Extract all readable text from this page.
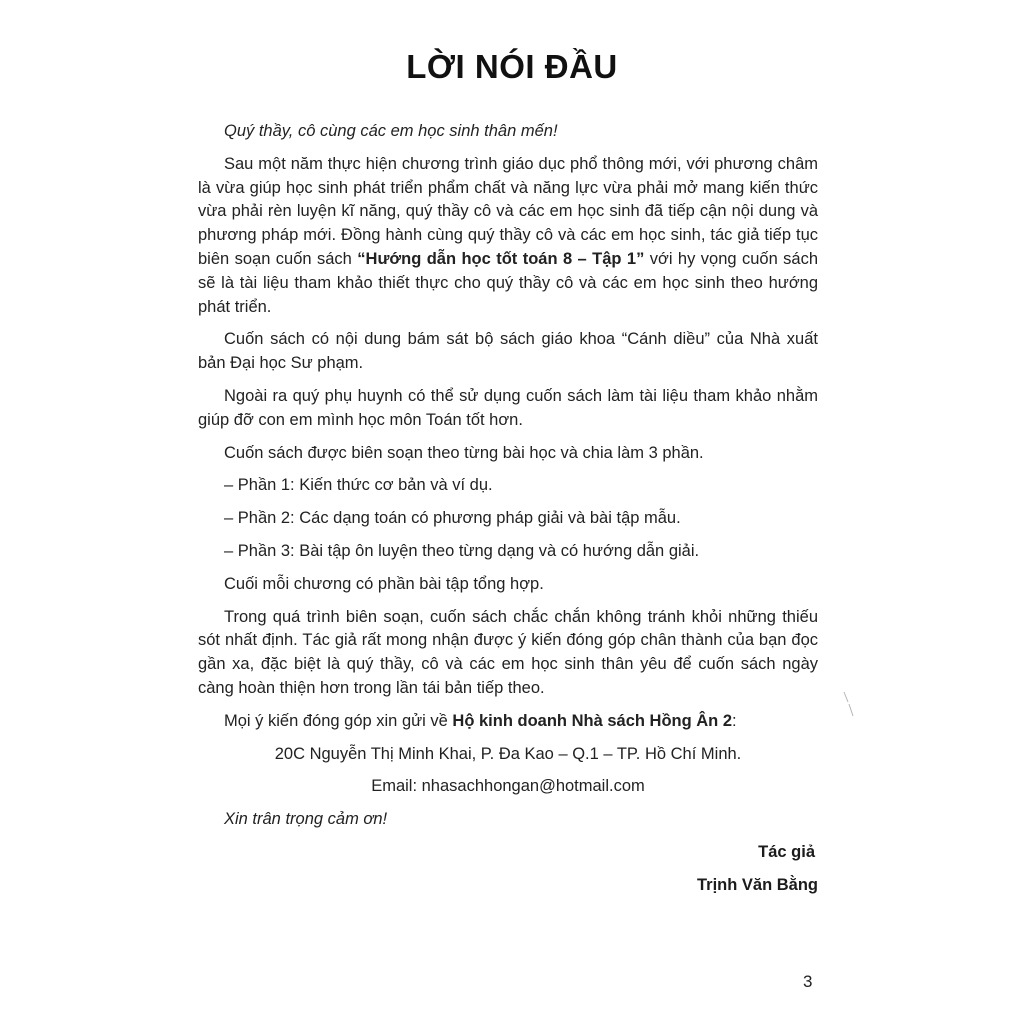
LỜI NÓI ĐẦU

Quý thầy, cô cùng các em học sinh thân mến!

Sau một năm thực hiện chương trình giáo dục phổ thông mới, với phương châm là vừa giúp học sinh phát triển phẩm chất và năng lực vừa phải mở mang kiến thức vừa phải rèn luyện kĩ năng, quý thầy cô và các em học sinh đã tiếp cận nội dung và phương pháp mới. Đồng hành cùng quý thầy cô và các em học sinh, tác giả tiếp tục biên soạn cuốn sách “Hướng dẫn học tốt toán 8 – Tập 1” với hy vọng cuốn sách sẽ là tài liệu tham khảo thiết thực cho quý thầy cô và các em học sinh theo hướng phát triển.

Cuốn sách có nội dung bám sát bộ sách giáo khoa “Cánh diều” của Nhà xuất bản Đại học Sư phạm.

Ngoài ra quý phụ huynh có thể sử dụng cuốn sách làm tài liệu tham khảo nhằm giúp đỡ con em mình học môn Toán tốt hơn.

Cuốn sách được biên soạn theo từng bài học và chia làm 3 phần.

– Phần 1: Kiến thức cơ bản và ví dụ.

– Phần 2: Các dạng toán có phương pháp giải và bài tập mẫu.

– Phần 3: Bài tập ôn luyện theo từng dạng và có hướng dẫn giải.

Cuối mỗi chương có phần bài tập tổng hợp.

Trong quá trình biên soạn, cuốn sách chắc chắn không tránh khỏi những thiếu sót nhất định. Tác giả rất mong nhận được ý kiến đóng góp chân thành của bạn đọc gần xa, đặc biệt là quý thầy, cô và các em học sinh thân yêu để cuốn sách ngày càng hoàn thiện hơn trong lần tái bản tiếp theo.

Mọi ý kiến đóng góp xin gửi về Hộ kinh doanh Nhà sách Hồng Ân 2:

20C Nguyễn Thị Minh Khai, P. Đa Kao – Q.1 – TP. Hồ Chí Minh.

Email: nhasachhongan@hotmail.com

Xin trân trọng cảm ơn!

Tác giả
Trịnh Văn Bằng
3
